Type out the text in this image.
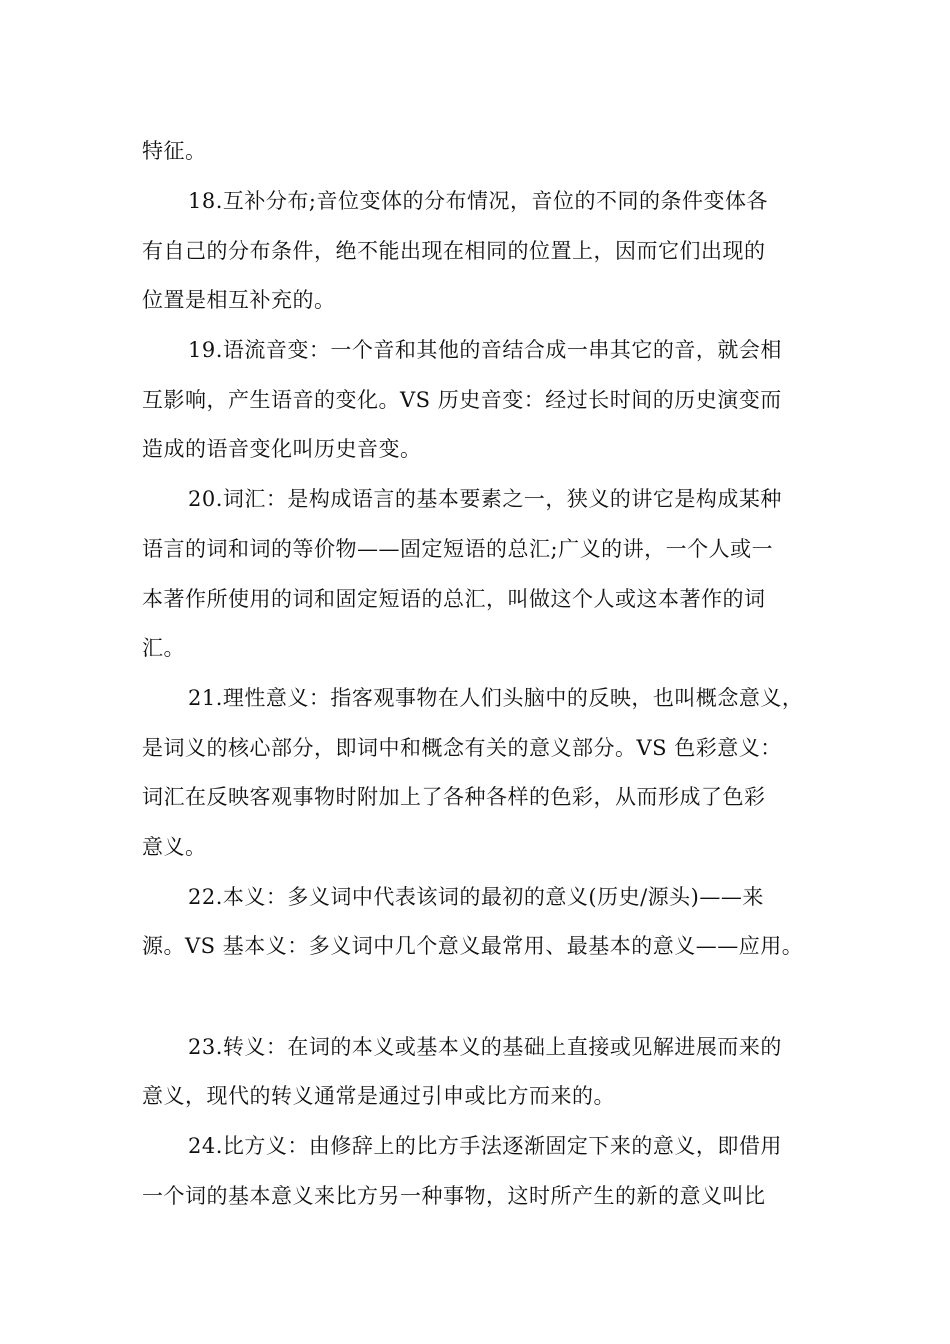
特征。
18.互补分布;音位变体的分布情况，音位的不同的条件变体各
有自己的分布条件，绝不能出现在相同的位置上，因而它们出现的
位置是相互补充的。
19.语流音变：一个音和其他的音结合成一串其它的音，就会相
互影响，产生语音的变化。VS 历史音变：经过长时间的历史演变而
造成的语音变化叫历史音变。
20.词汇：是构成语言的基本要素之一，狭义的讲它是构成某种
语言的词和词的等价物——固定短语的总汇;广义的讲，一个人或一
本著作所使用的词和固定短语的总汇，叫做这个人或这本著作的词
汇。
21.理性意义：指客观事物在人们头脑中的反映，也叫概念意义，
是词义的核心部分，即词中和概念有关的意义部分。VS 色彩意义：
词汇在反映客观事物时附加上了各种各样的色彩，从而形成了色彩
意义。
22.本义：多义词中代表该词的最初的意义(历史/源头)——来
源。VS 基本义：多义词中几个意义最常用、最基本的意义——应用。
23.转义：在词的本义或基本义的基础上直接或见解进展而来的
意义，现代的转义通常是通过引申或比方而来的。
24.比方义：由修辞上的比方手法逐渐固定下来的意义，即借用
一个词的基本意义来比方另一种事物，这时所产生的新的意义叫比
